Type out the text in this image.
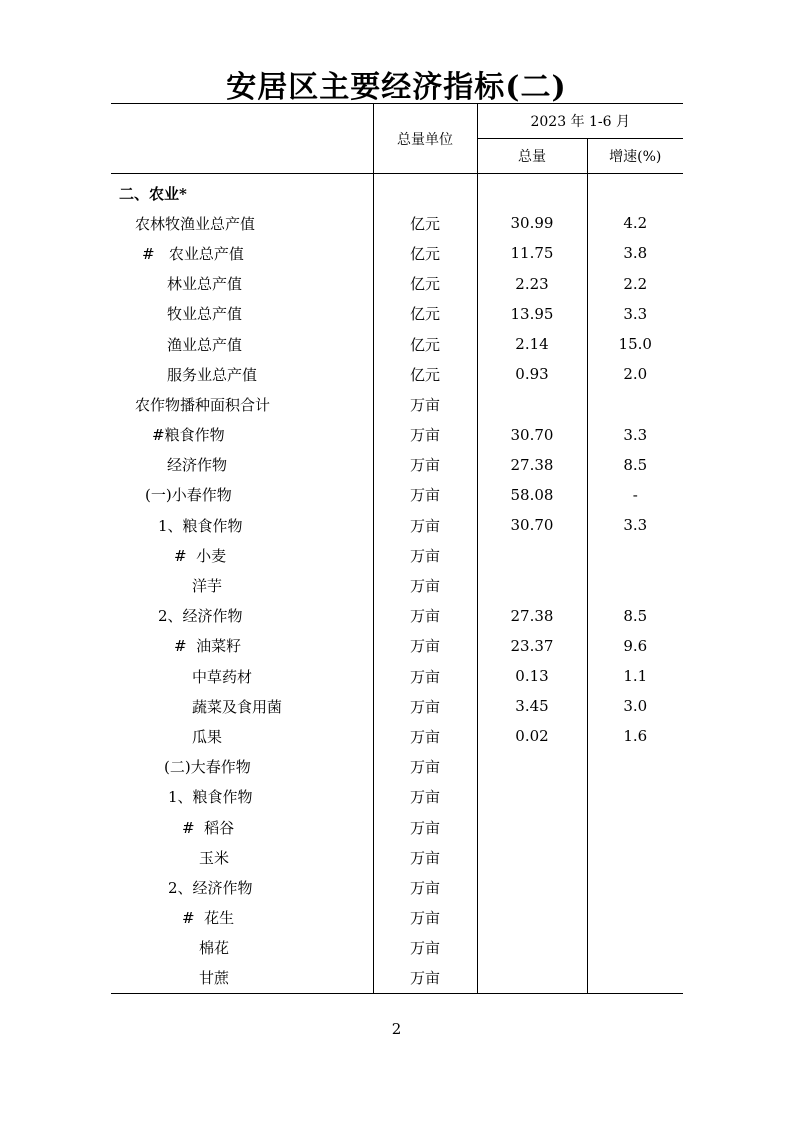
安居区主要经济指标(二)
	总量单位	2023 年 1-6 月	
		总量	增速(%)
二、农业*			
农林牧渔业总产值	亿元	30.99	4.2
#   农业总产值	亿元	11.75	3.8
林业总产值	亿元	2.23	2.2
牧业总产值	亿元	13.95	3.3
渔业总产值	亿元	2.14	15.0
服务业总产值	亿元	0.93	2.0
农作物播种面积合计	万亩		
#粮食作物	万亩	30.70	3.3
经济作物	万亩	27.38	8.5
(一)小春作物	万亩	58.08	-
1、粮食作物	万亩	30.70	3.3
#  小麦	万亩		
洋芋	万亩		
2、经济作物	万亩	27.38	8.5
#  油菜籽	万亩	23.37	9.6
中草药材	万亩	0.13	1.1
蔬菜及食用菌	万亩	3.45	3.0
瓜果	万亩	0.02	1.6
(二)大春作物	万亩		
1、粮食作物	万亩		
#  稻谷	万亩		
玉米	万亩		
2、经济作物	万亩		
#  花生	万亩		
棉花	万亩		
甘蔗	万亩		
2
